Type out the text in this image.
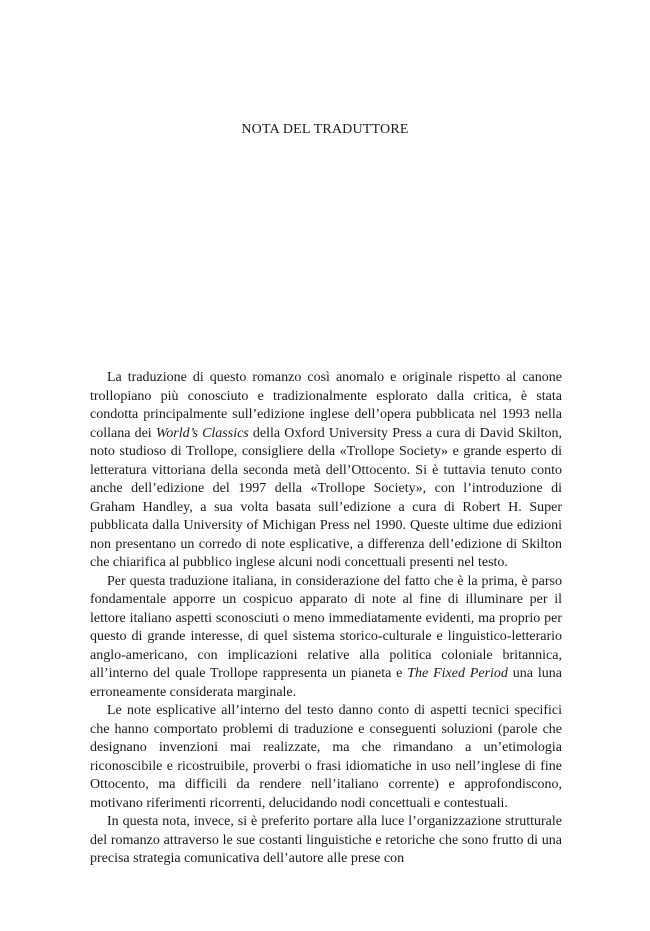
NOTA DEL TRADUTTORE

La traduzione di questo romanzo così anomalo e originale rispetto al canone trollopiano più conosciuto e tradizionalmente esplorato dalla critica, è stata condotta principalmente sull’edizione inglese dell’opera pubblicata nel 1993 nella collana dei World’s Classics della Oxford University Press a cura di David Skilton, noto studioso di Trollope, consigliere della «Trollope Society» e grande esperto di letteratura vittoriana della seconda metà dell’Ottocento. Si è tuttavia tenuto conto anche dell’edizione del 1997 della «Trollope Society», con l’introduzione di Graham Handley, a sua volta basata sull’edizione a cura di Robert H. Super pubblicata dalla University of Michigan Press nel 1990. Queste ultime due edizioni non presentano un corredo di note esplicative, a differenza dell’edizione di Skilton che chiarifica al pubblico inglese alcuni nodi concettuali presenti nel testo.

Per questa traduzione italiana, in considerazione del fatto che è la prima, è parso fondamentale apporre un cospicuo apparato di note al fine di illuminare per il lettore italiano aspetti sconosciuti o meno immediatamente evidenti, ma proprio per questo di grande interesse, di quel sistema storico-culturale e linguistico-letterario anglo-americano, con implicazioni relative alla politica coloniale britannica, all’interno del quale Trollope rappresenta un pianeta e The Fixed Period una luna erroneamente considerata marginale.

Le note esplicative all’interno del testo danno conto di aspetti tecnici specifici che hanno comportato problemi di traduzione e conseguenti soluzioni (parole che designano invenzioni mai realizzate, ma che rimandano a un’etimologia riconoscibile e ricostruibile, proverbi o frasi idiomatiche in uso nell’inglese di fine Ottocento, ma difficili da rendere nell’italiano corrente) e approfondiscono, motivano riferimenti ricorrenti, delucidando nodi concettuali e contestuali.

In questa nota, invece, si è preferito portare alla luce l’organizzazione strutturale del romanzo attraverso le sue costanti linguistiche e retoriche che sono frutto di una precisa strategia comunicativa dell’autore alle prese con
